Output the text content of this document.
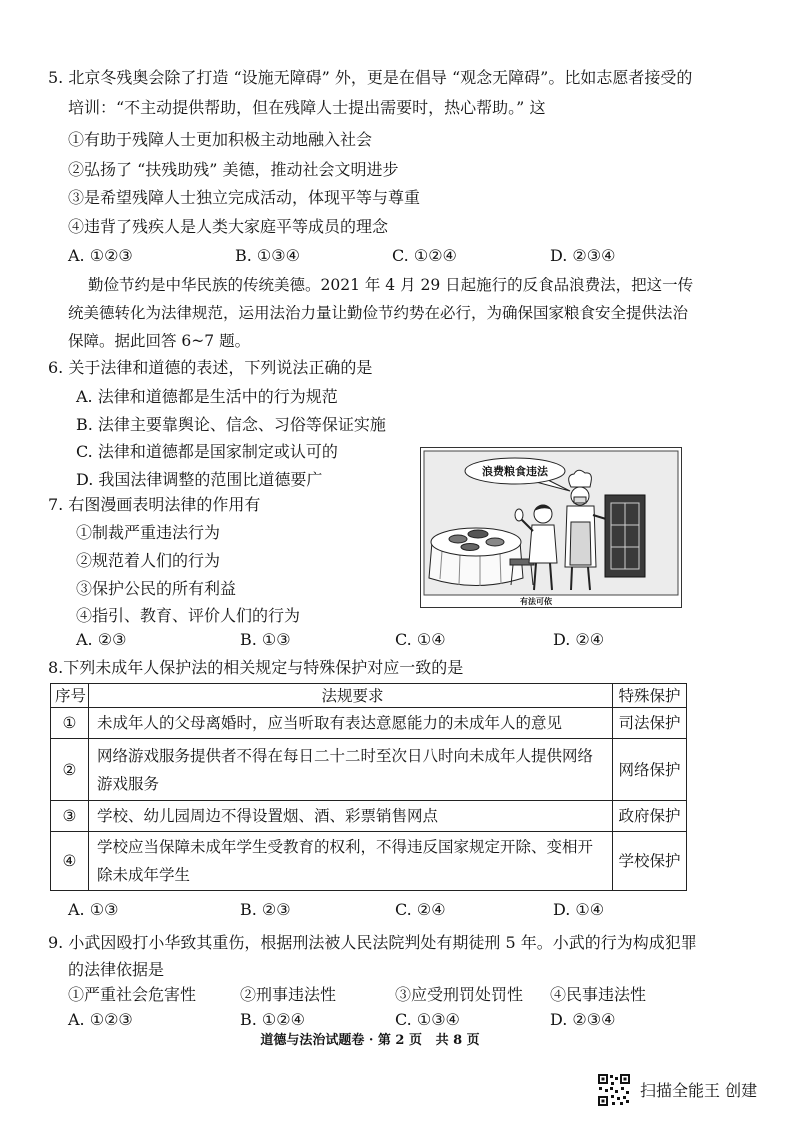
5. 北京冬残奥会除了打造 “设施无障碍” 外，更是在倡导 “观念无障碍”。比如志愿者接受的
培训：“不主动提供帮助，但在残障人士提出需要时，热心帮助。” 这
①有助于残障人士更加积极主动地融入社会
②弘扬了 “扶残助残” 美德，推动社会文明进步
③是希望残障人士独立完成活动，体现平等与尊重
④违背了残疾人是人类大家庭平等成员的理念
A. ①②③	B. ①③④	C. ①②④	D. ②③④
勤俭节约是中华民族的传统美德。2021 年 4 月 29 日起施行的反食品浪费法，把这一传
统美德转化为法律规范，运用法治力量让勤俭节约势在必行，为确保国家粮食安全提供法治
保障。据此回答 6~7 题。
6. 关于法律和道德的表述，下列说法正确的是
A. 法律和道德都是生活中的行为规范
B. 法律主要靠舆论、信念、习俗等保证实施
C. 法律和道德都是国家制定或认可的
D. 我国法律调整的范围比道德要广	浪费粮食违法
有法可依
7. 右图漫画表明法律的作用有
①制裁严重违法行为
②规范着人们的行为
③保护公民的所有利益
④指引、教育、评价人们的行为
A. ②③	B. ①③	C. ①④	D. ②④
8.下列未成年人保护法的相关规定与特殊保护对应一致的是
序号	法规要求	特殊保护
①	未成年人的父母离婚时，应当听取有表达意愿能力的未成年人的意见	司法保护
②	网络游戏服务提供者不得在每日二十二时至次日八时向未成年人提供网络
游戏服务	网络保护
③	学校、幼儿园周边不得设置烟、酒、彩票销售网点	政府保护
④	学校应当保障未成年学生受教育的权利，不得违反国家规定开除、变相开
除未成年学生	学校保护
A. ①③	B. ②③	C. ②④	D. ①④
9. 小武因殴打小华致其重伤，根据刑法被人民法院判处有期徒刑 5 年。小武的行为构成犯罪
的法律依据是
①严重社会危害性	②刑事违法性	③应受刑罚处罚性 ④民事违法性
A. ①②③	B. ①②④	C. ①③④	D. ②③④
道德与法治试题卷 · 第 2 页   共 8 页
扫描全能王 创建
